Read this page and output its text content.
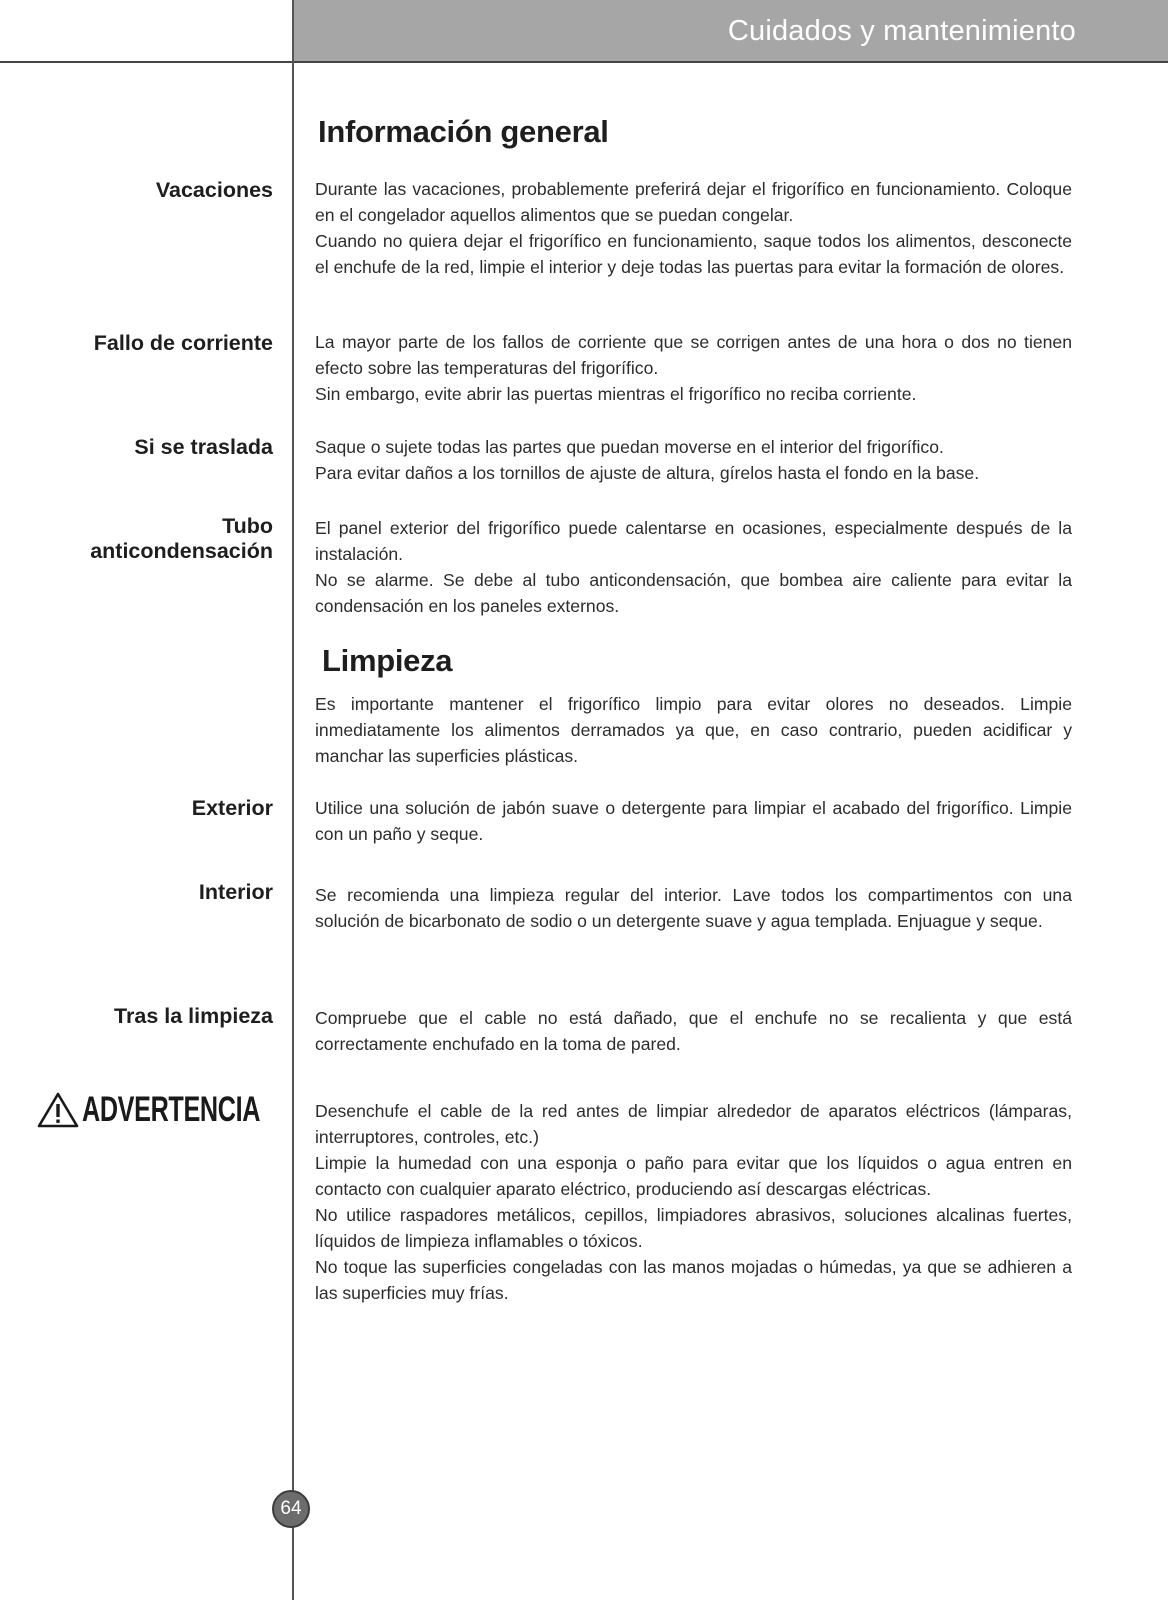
Cuidados y mantenimiento
Información general
Vacaciones Durante las vacaciones, probablemente preferirá dejar el frigorífico en funcionamiento. Coloque en el congelador aquellos alimentos que se puedan congelar.

Cuando no quiera dejar el frigorífico en funcionamiento, saque todos los alimentos, desconecte el enchufe de la red, limpie el interior y deje todas las puertas para evitar la formación de olores.

Fallo de corriente La mayor parte de los fallos de corriente que se corrigen antes de una hora o dos no tienen efecto sobre las temperaturas del frigorífico.

Sin embargo, evite abrir las puertas mientras el frigorífico no reciba corriente.

Si se traslada Saque o sujete todas las partes que puedan moverse en el interior del frigorífico.

Para evitar daños a los tornillos de ajuste de altura, gírelos hasta el fondo en la base.

Tubo
anticondensación

El panel exterior del frigorífico puede calentarse en ocasiones, especialmente después de la instalación.

No se alarme. Se debe al tubo anticondensación, que bombea aire caliente para evitar la condensación en los paneles externos.

Limpieza

Es importante mantener el frigorífico limpio para evitar olores no deseados. Limpie inmediatamente los alimentos derramados ya que, en caso contrario, pueden acidificar y manchar las superficies plásticas.

Exterior Utilice una solución de jabón suave o detergente para limpiar el acabado del frigorífico. Limpie con un paño y seque.

Interior Se recomienda una limpieza regular del interior. Lave todos los compartimentos con una solución de bicarbonato de sodio o un detergente suave y agua templada. Enjuague y seque.

Tras la limpieza Compruebe que el cable no está dañado, que el enchufe no se recalienta y que está correctamente enchufado en la toma de pared.

ADVERTENCIA	Desenchufe el cable de la red antes de limpiar alrededor de aparatos eléctricos (lámparas, interruptores, controles, etc.)

Limpie la humedad con una esponja o paño para evitar que los líquidos o agua entren en contacto con cualquier aparato eléctrico, produciendo así descargas eléctricas.

No utilice raspadores metálicos, cepillos, limpiadores abrasivos, soluciones alcalinas fuertes, líquidos de limpieza inflamables o tóxicos.

No toque las superficies congeladas con las manos mojadas o húmedas, ya que se adhieren a las superficies muy frías.

64
